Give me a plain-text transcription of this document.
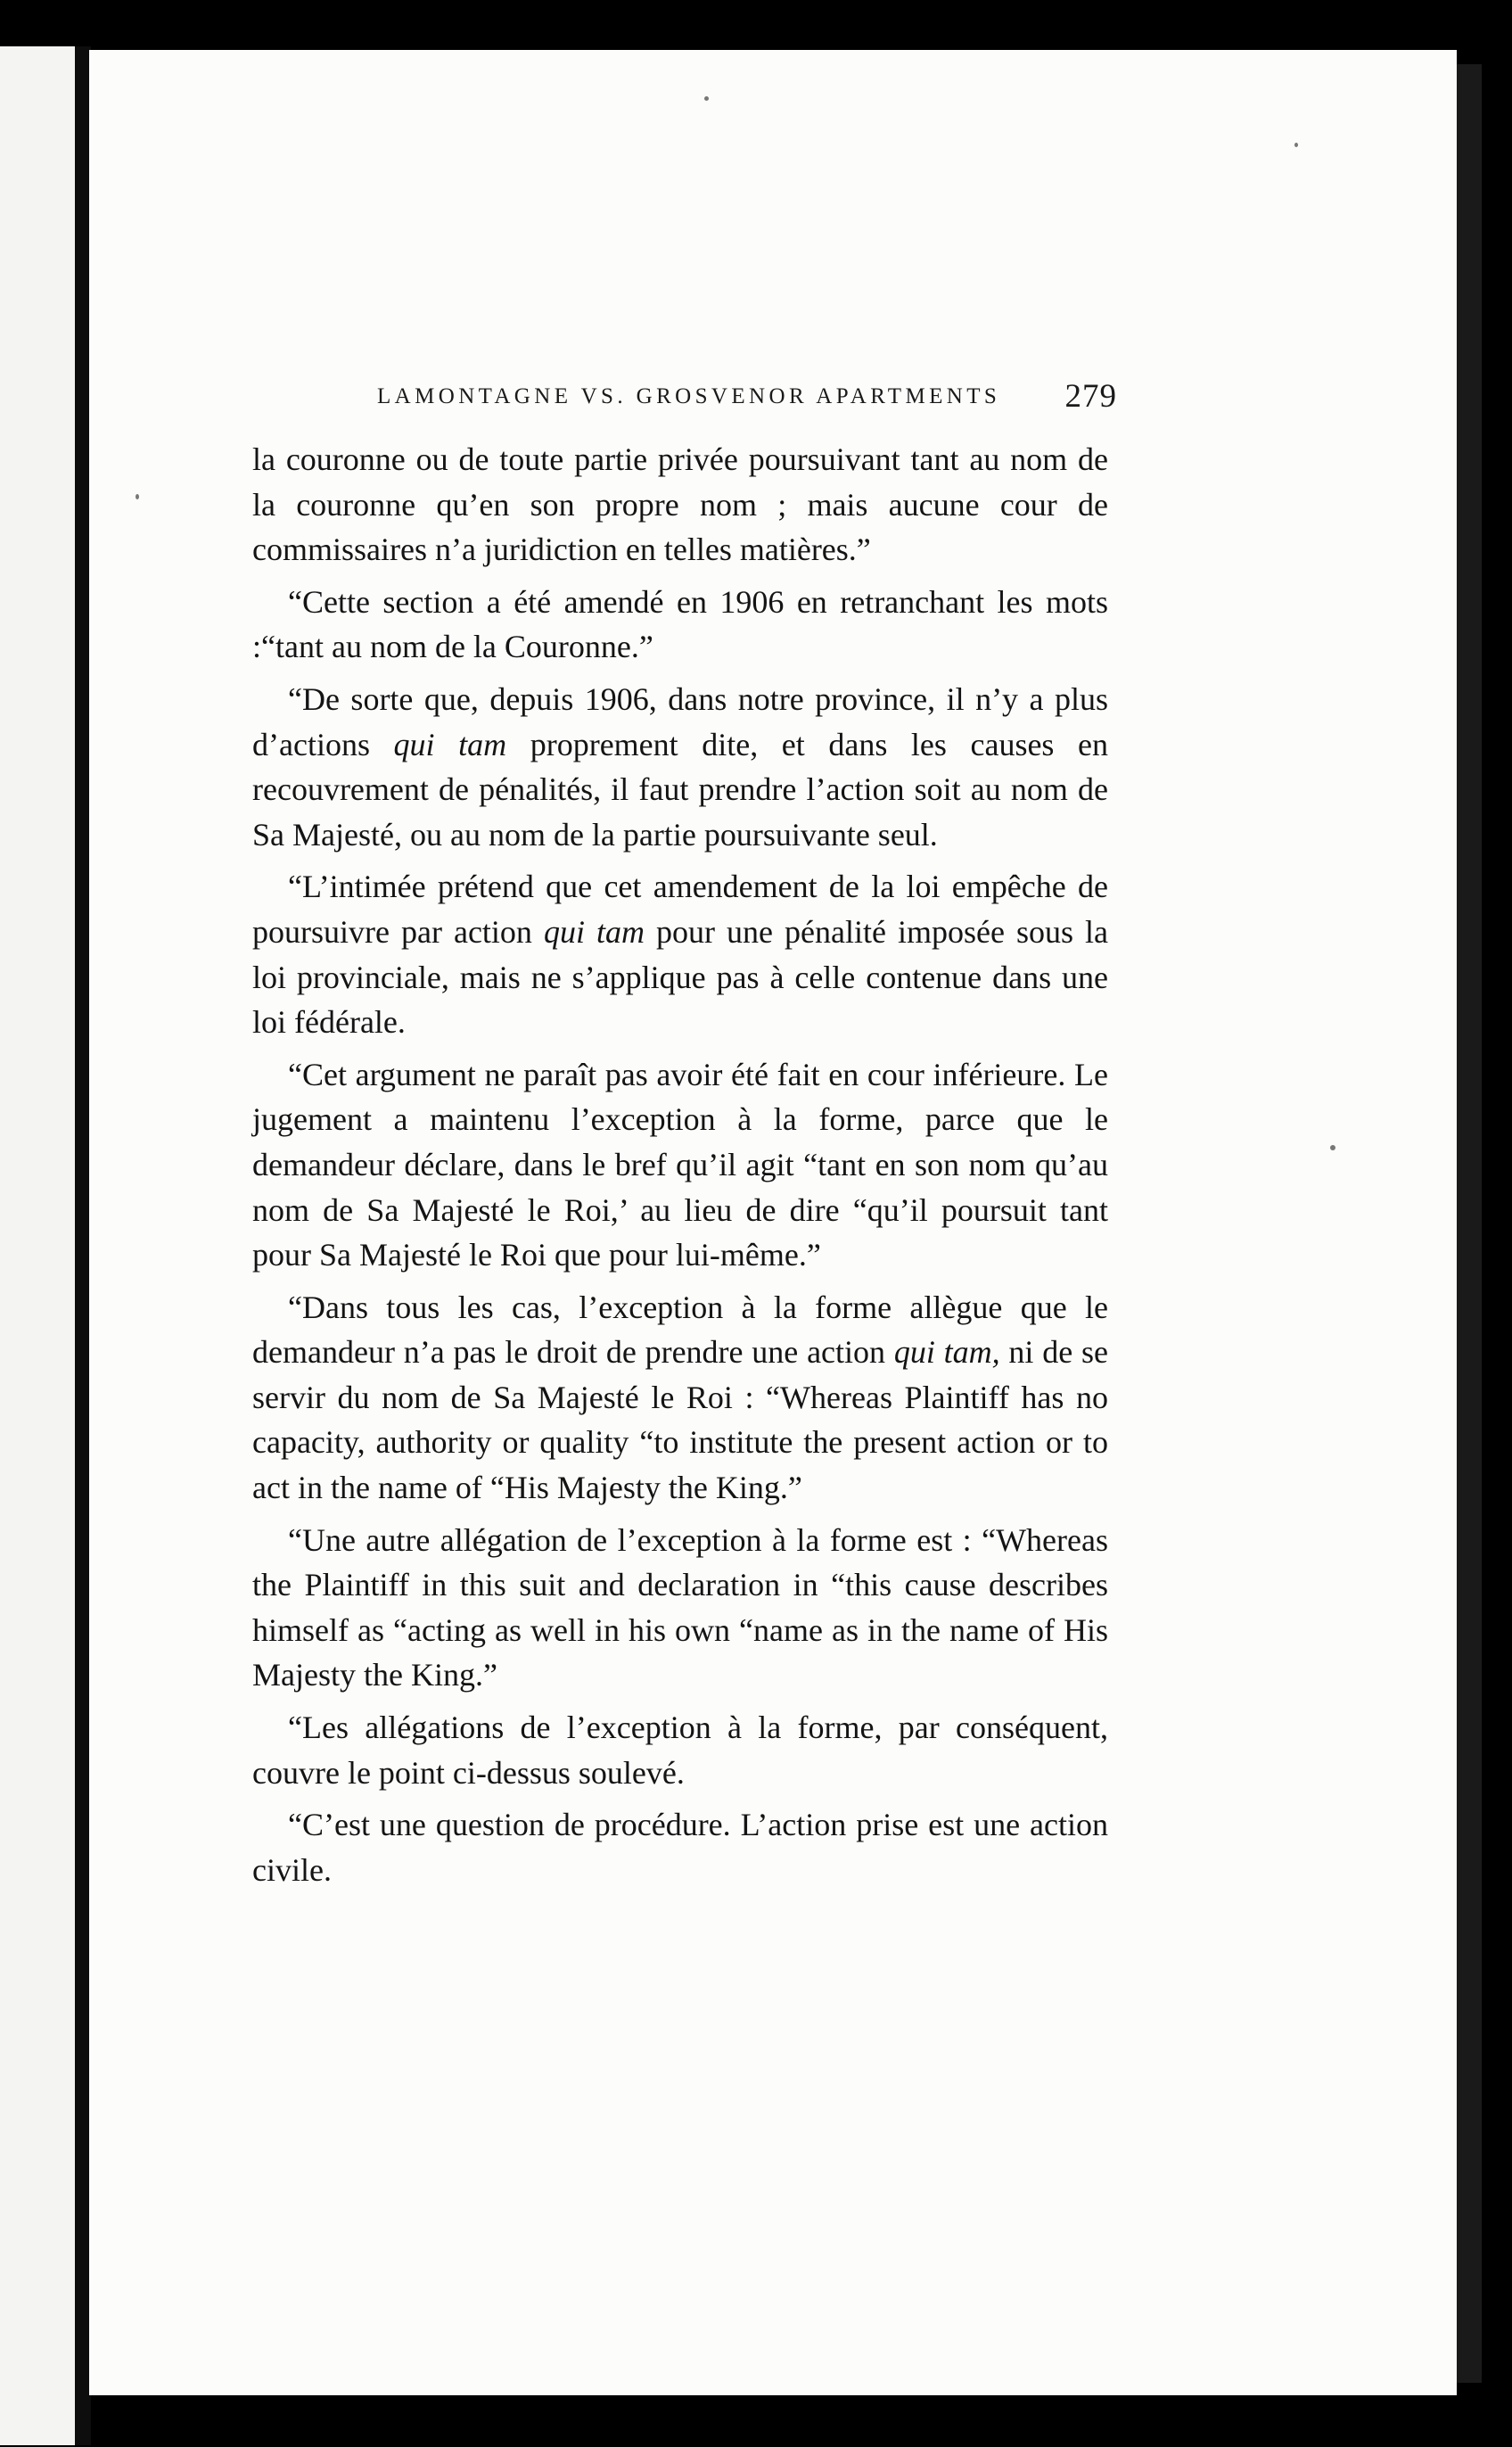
LAMONTAGNE VS. GROSVENOR APARTMENTS 279

la couronne ou de toute partie privée poursuivant tant au nom de la couronne qu’en son propre nom ; mais aucune cour de commissaires n’a juridiction en telles matières.”

“Cette section a été amendé en 1906 en retranchant les mots :“tant au nom de la Couronne.”

“De sorte que, depuis 1906, dans notre province, il n’y a plus d’actions qui tam proprement dite, et dans les causes en recouvrement de pénalités, il faut prendre l’action soit au nom de Sa Majesté, ou au nom de la partie poursuivante seul.

“L’intimée prétend que cet amendement de la loi empêche de poursuivre par action qui tam pour une pénalité imposée sous la loi provinciale, mais ne s’applique pas à celle contenue dans une loi fédérale.

“Cet argument ne paraît pas avoir été fait en cour inférieure. Le jugement a maintenu l’exception à la forme, parce que le demandeur déclare, dans le bref qu’il agit “tant en son nom qu’au nom de Sa Majesté le Roi,’ au lieu de dire “qu’il poursuit tant pour Sa Majesté le Roi que pour lui-même.”

“Dans tous les cas, l’exception à la forme allègue que le demandeur n’a pas le droit de prendre une action qui tam, ni de se servir du nom de Sa Majesté le Roi : “Whereas Plaintiff has no capacity, authority or quality “to institute the present action or to act in the name of “His Majesty the King.”

“Une autre allégation de l’exception à la forme est : “Whereas the Plaintiff in this suit and declaration in “this cause describes himself as “acting as well in his own “name as in the name of His Majesty the King.”

“Les allégations de l’exception à la forme, par conséquent, couvre le point ci-dessus soulevé.

“C’est une question de procédure. L’action prise est une action civile.
